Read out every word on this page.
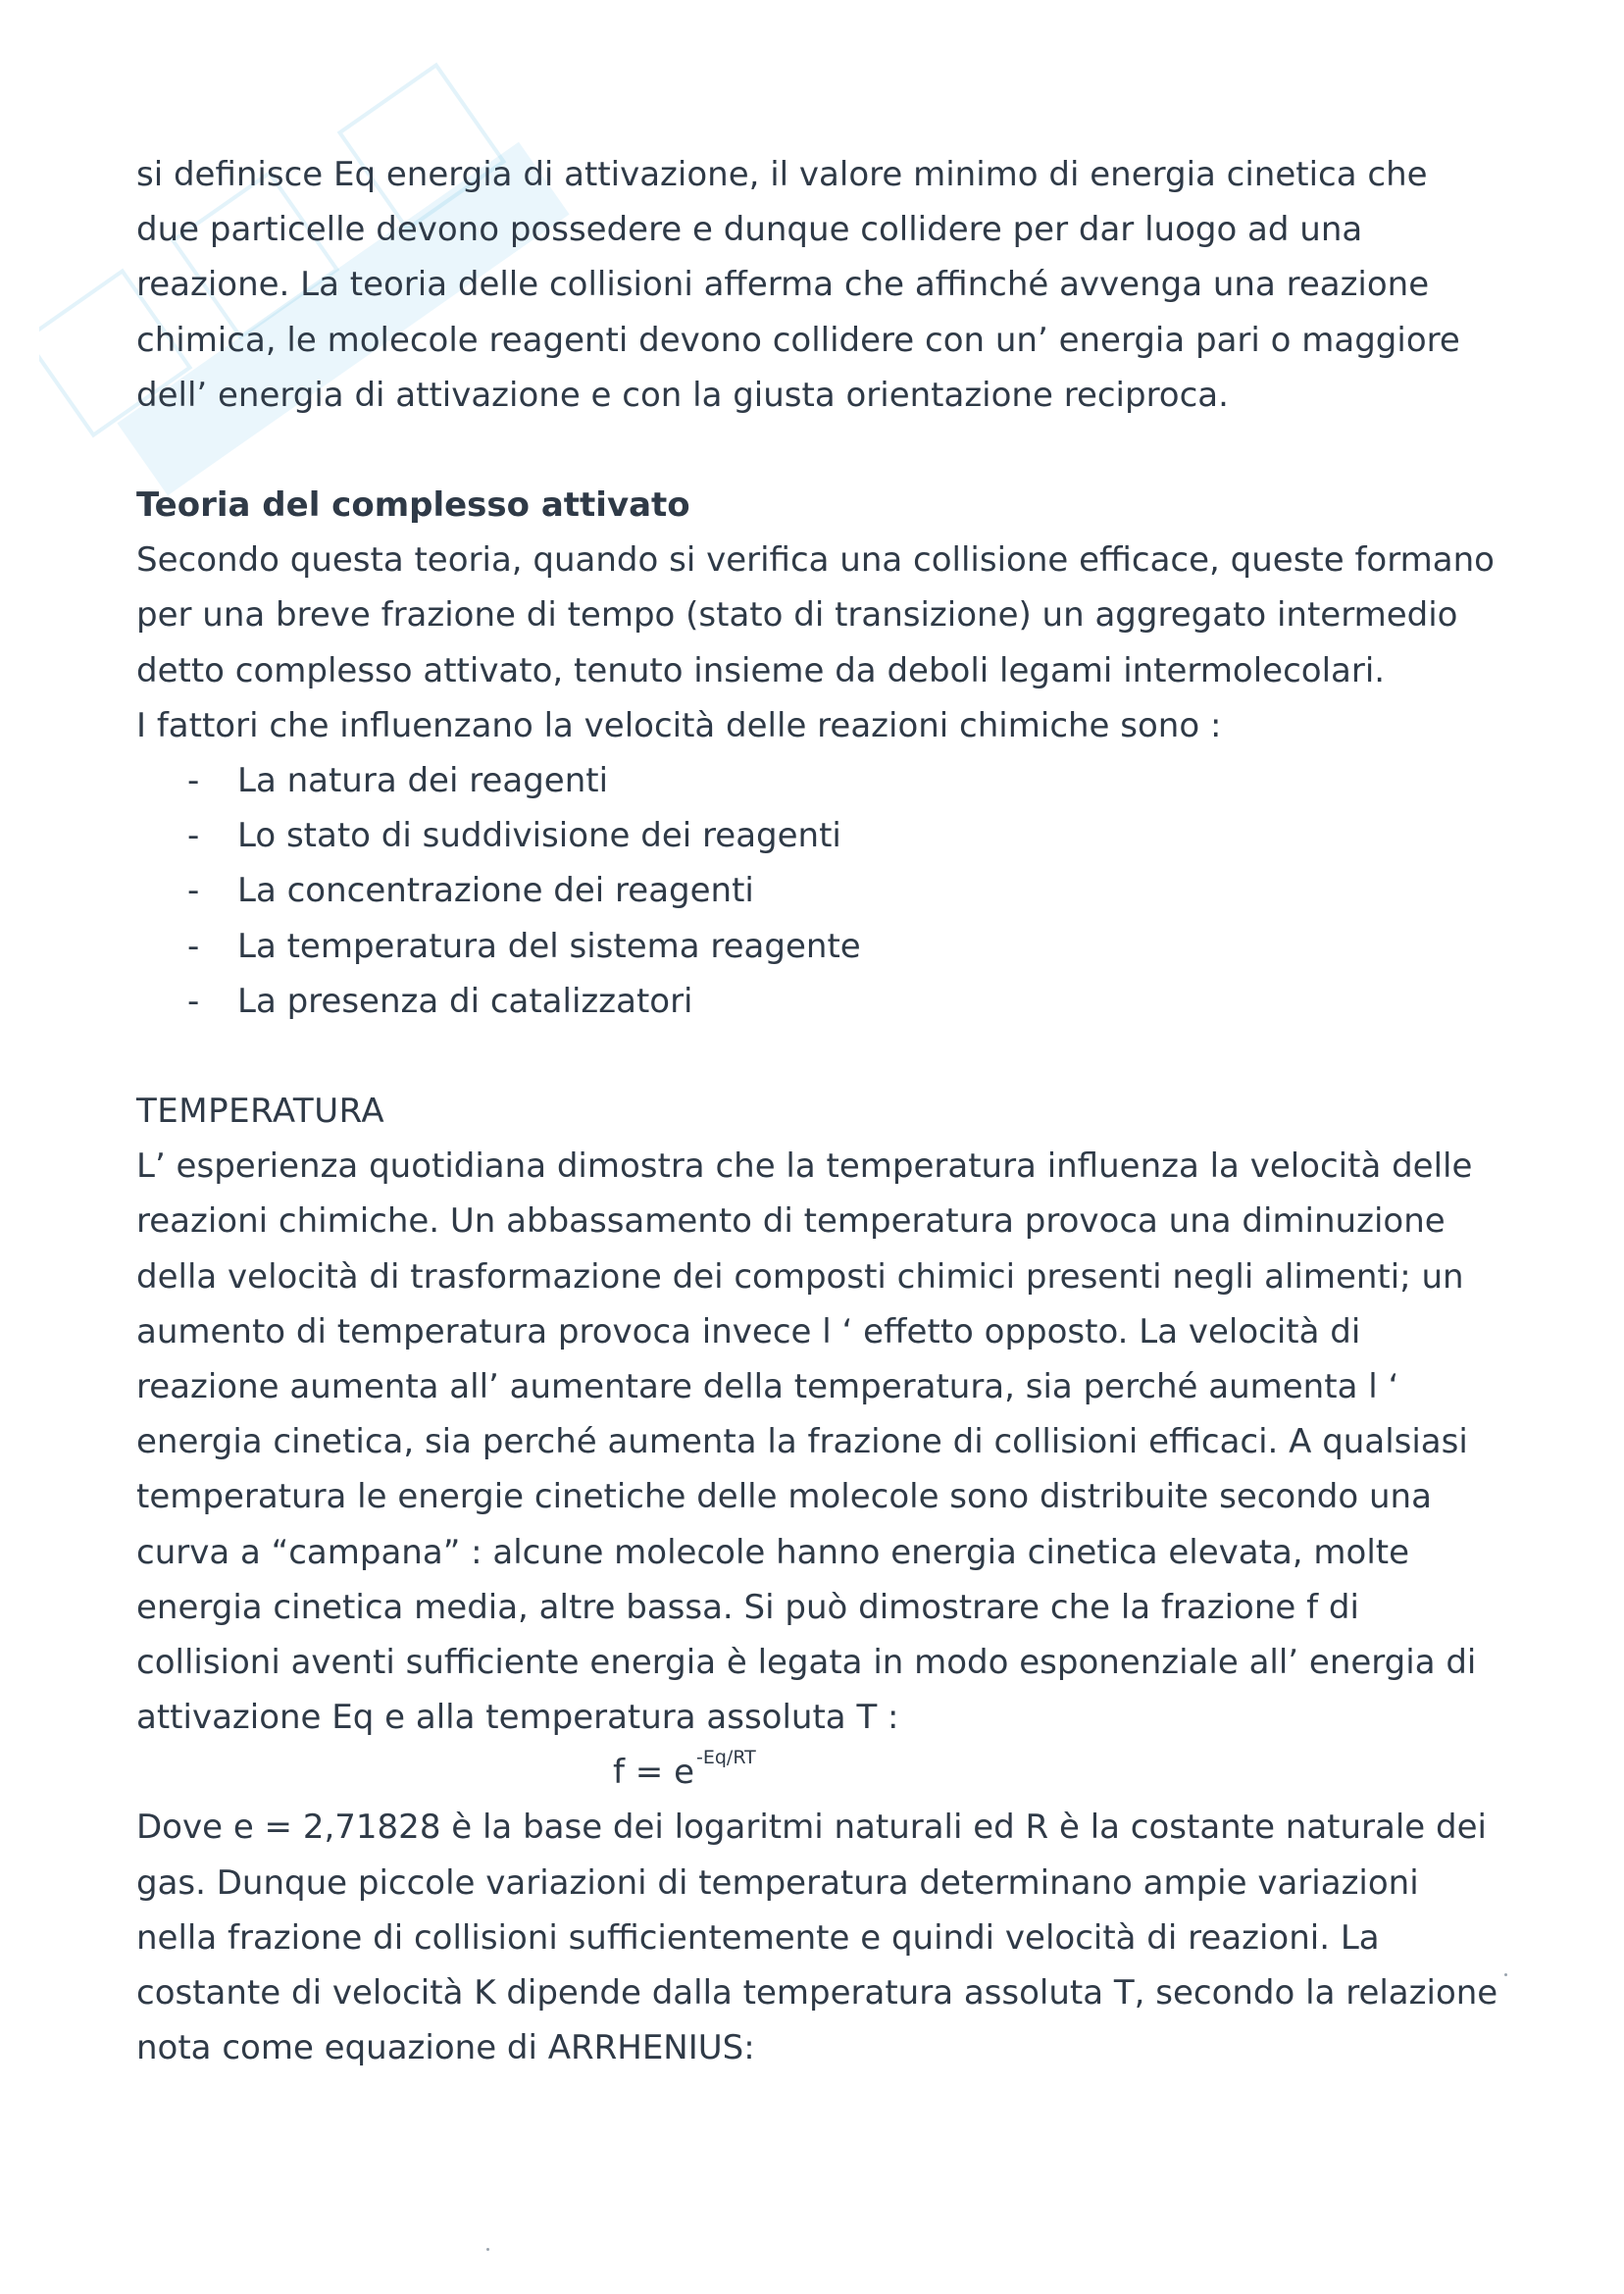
si definisce Eq energia di attivazione, il valore minimo di energia cinetica che due particelle devono possedere e dunque collidere per dar luogo ad una reazione. La teoria delle collisioni afferma che affinché avvenga una reazione chimica, le molecole reagenti devono collidere con un’ energia pari o maggiore dell’ energia di attivazione e con la giusta orientazione reciproca.

Teoria del complesso attivato

Secondo questa teoria, quando si verifica una collisione efficace, queste formano per una breve frazione di tempo (stato di transizione) un aggregato intermedio detto complesso attivato, tenuto insieme da deboli legami intermolecolari.

I fattori che influenzano la velocità delle reazioni chimiche sono :

- La natura dei reagenti
- Lo stato di suddivisione dei reagenti
- La concentrazione dei reagenti
- La temperatura del sistema reagente
- La presenza di catalizzatori

TEMPERATURA

L’ esperienza quotidiana dimostra che la temperatura influenza la velocità delle reazioni chimiche. Un abbassamento di temperatura provoca una diminuzione della velocità di trasformazione dei composti chimici presenti negli alimenti; un aumento di temperatura provoca invece l ‘ effetto opposto. La velocità di reazione aumenta all’ aumentare della temperatura, sia perché aumenta l ‘ energia cinetica, sia perché aumenta la frazione di collisioni efficaci. A qualsiasi temperatura le energie cinetiche delle molecole sono distribuite secondo una curva a “campana” : alcune molecole hanno energia cinetica elevata, molte energia cinetica media, altre bassa. Si può dimostrare che la frazione f di collisioni aventi sufficiente energia è legata in modo esponenziale all’ energia di attivazione Eq e alla temperatura assoluta T :

f = e $^{-Eq/RT}$

Dove e = 2,71828 è la base dei logaritmi naturali ed R è la costante naturale dei gas. Dunque piccole variazioni di temperatura determinano ampie variazioni nella frazione di collisioni sufficientemente e quindi velocità di reazioni. La costante di velocità K dipende dalla temperatura assoluta T, secondo la relazione nota come equazione di ARRHENIUS:
